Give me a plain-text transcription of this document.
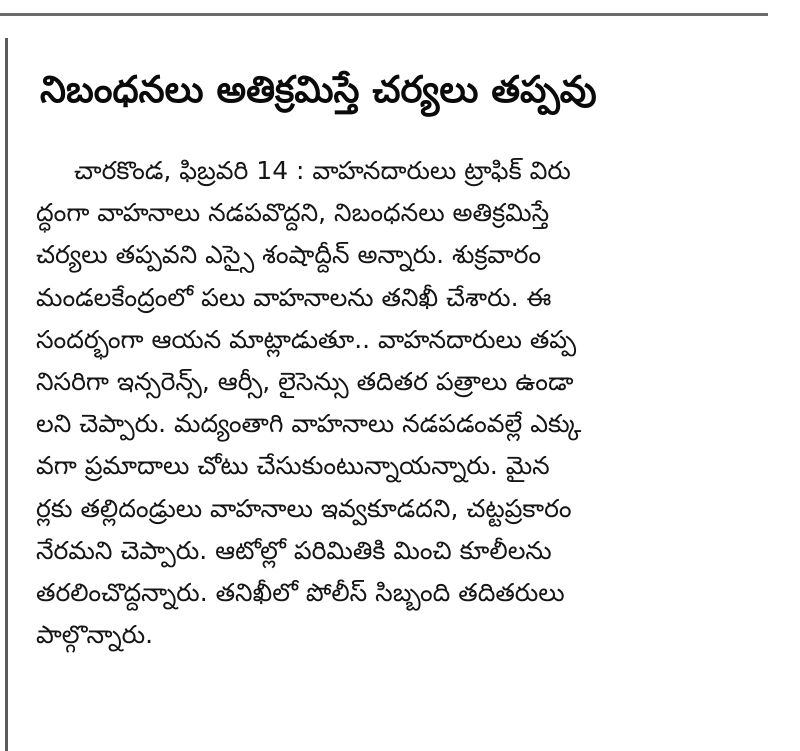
నిబంధనలు అతిక్రమిస్తే చర్యలు తప్పవు
చారకొండ, ఫిబ్రవరి 14 : వాహనదారులు ట్రాఫిక్ విరు
ద్ధంగా వాహనాలు నడపవొద్దని, నిబంధనలు అతిక్రమిస్తే
చర్యలు తప్పవని ఎస్సై శంషాద్దీన్ అన్నారు. శుక్రవారం
మండలకేంద్రంలో పలు వాహనాలను తనిఖీ చేశారు. ఈ
సందర్భంగా ఆయన మాట్లాడుతూ.. వాహనదారులు తప్ప
నిసరిగా ఇన్సరెన్స్, ఆర్సీ, లైసెన్సు తదితర పత్రాలు ఉండా
లని చెప్పారు. మద్యంతాగి వాహనాలు నడపడంవల్లే ఎక్కు
వగా ప్రమాదాలు చోటు చేసుకుంటున్నాయన్నారు. మైన
ర్లకు తల్లిదండ్రులు వాహనాలు ఇవ్వకూడదని, చట్టప్రకారం
నేరమని చెప్పారు. ఆటోల్లో పరిమితికి మించి కూలీలను
తరలించొద్దన్నారు. తనిఖీలో పోలీస్ సిబ్బంది తదితరులు
పాల్గొన్నారు.
